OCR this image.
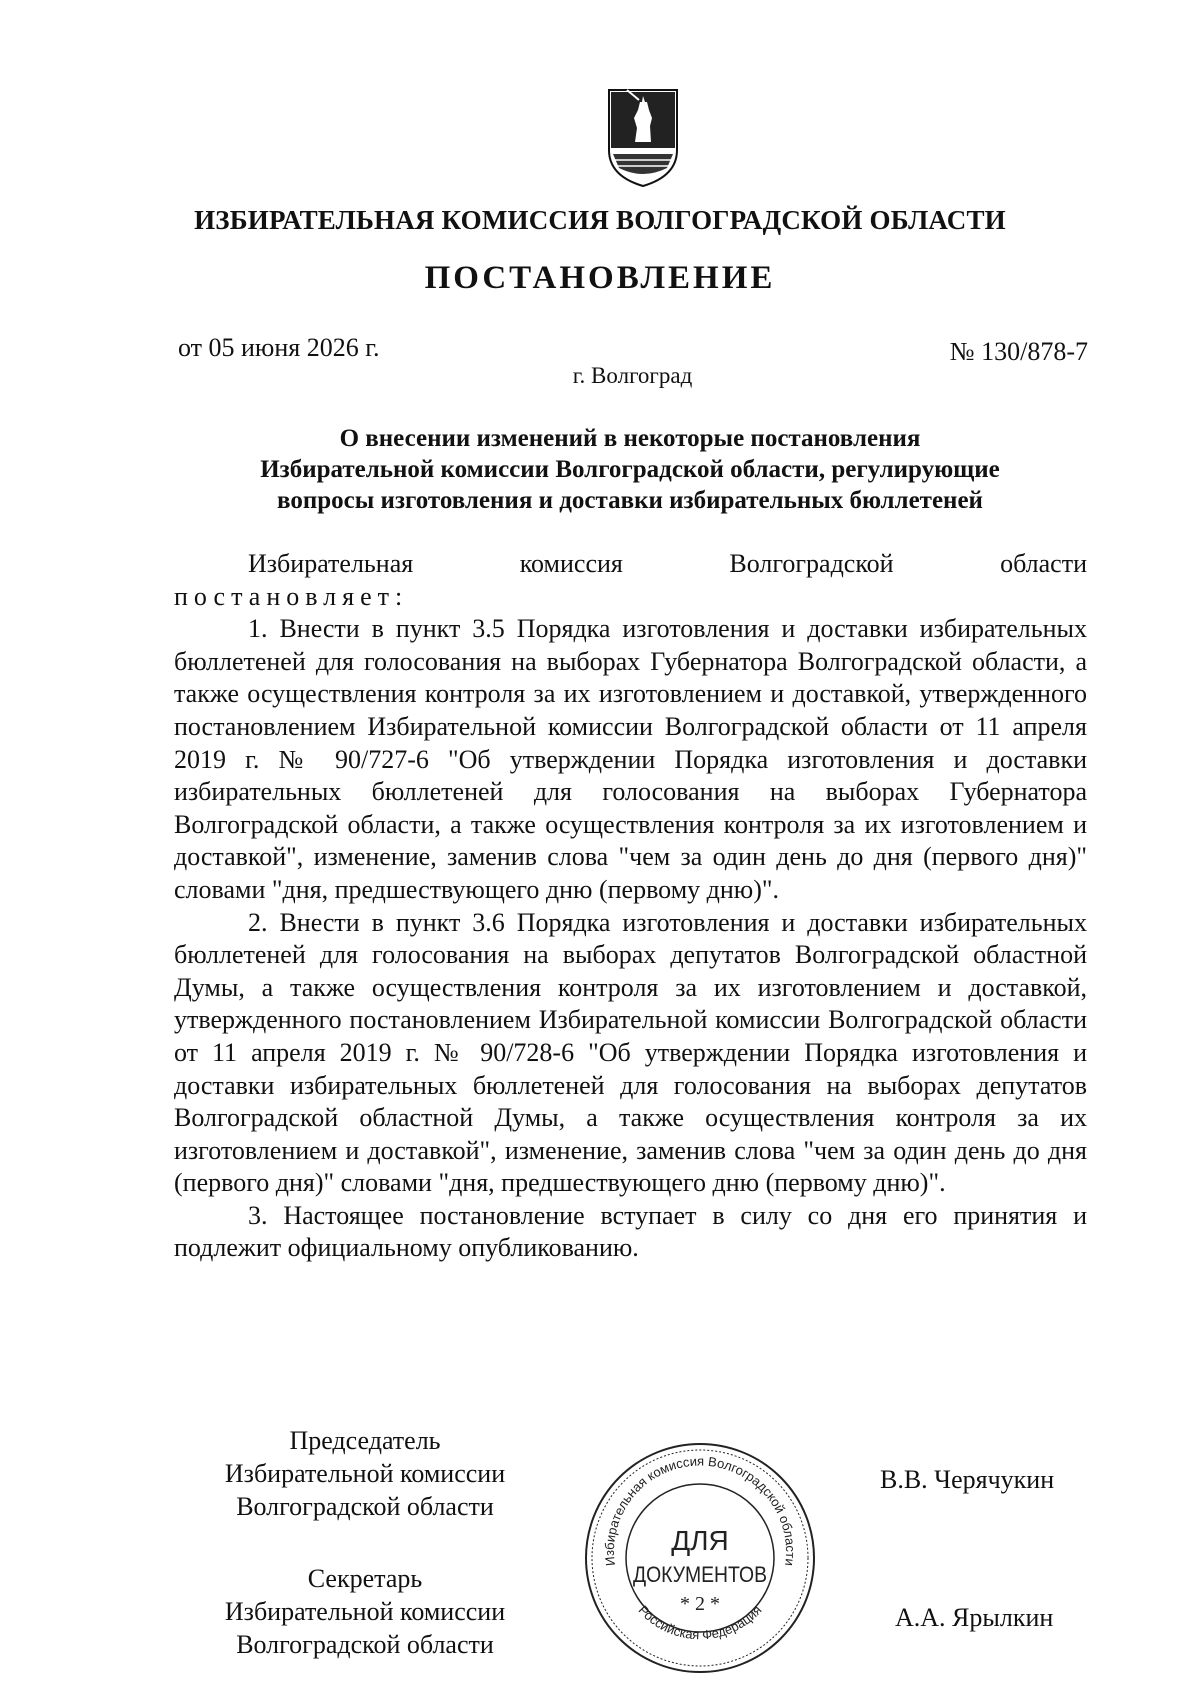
ИЗБИРАТЕЛЬНАЯ КОМИССИЯ ВОЛГОГРАДСКОЙ ОБЛАСТИ
ПОСТАНОВЛЕНИЕ
от 05 июня 2026 г.	№ 130/878-7
г. Волгоград
О внесении изменений в некоторые постановления
Избирательной комиссии Волгоградской области, регулирующие
вопросы изготовления и доставки избирательных бюллетеней

Избирательная комиссия Волгоградской области

постановляет:

1. Внести в пункт 3.5 Порядка изготовления и доставки избирательных бюллетеней для голосования на выборах Губернатора Волгоградской области, а также осуществления контроля за их изготовлением и доставкой, утвержденного постановлением Избирательной комиссии Волгоградской области от 11 апреля 2019 г. № 90/727-6 "Об утверждении Порядка изготовления и доставки избирательных бюллетеней для голосования на выборах Губернатора Волгоградской области, а также осуществления контроля за их изготовлением и доставкой", изменение, заменив слова "чем за один день до дня (первого дня)" словами "дня, предшествующего дню (первому дню)".

2. Внести в пункт 3.6 Порядка изготовления и доставки избирательных бюллетеней для голосования на выборах депутатов Волгоградской областной Думы, а также осуществления контроля за их изготовлением и доставкой, утвержденного постановлением Избирательной комиссии Волгоградской области от 11 апреля 2019 г. № 90/728-6 "Об утверждении Порядка изготовления и доставки избирательных бюллетеней для голосования на выборах депутатов Волгоградской областной Думы, а также осуществления контроля за их изготовлением и доставкой", изменение, заменив слова "чем за один день до дня (первого дня)" словами "дня, предшествующего дню (первому дню)".

3. Настоящее постановление вступает в силу со дня его принятия и подлежит официальному опубликованию.

Председатель
Избирательной комиссии
Волгоградской области
В.В. Черячукин
Секретарь
Избирательной комиссии
Волгоградской области
А.А. Ярылкин
Избирательная комиссия Волгоградской области
Российская Федерация
ДЛЯ
ДОКУМЕНТОВ
* 2 *
